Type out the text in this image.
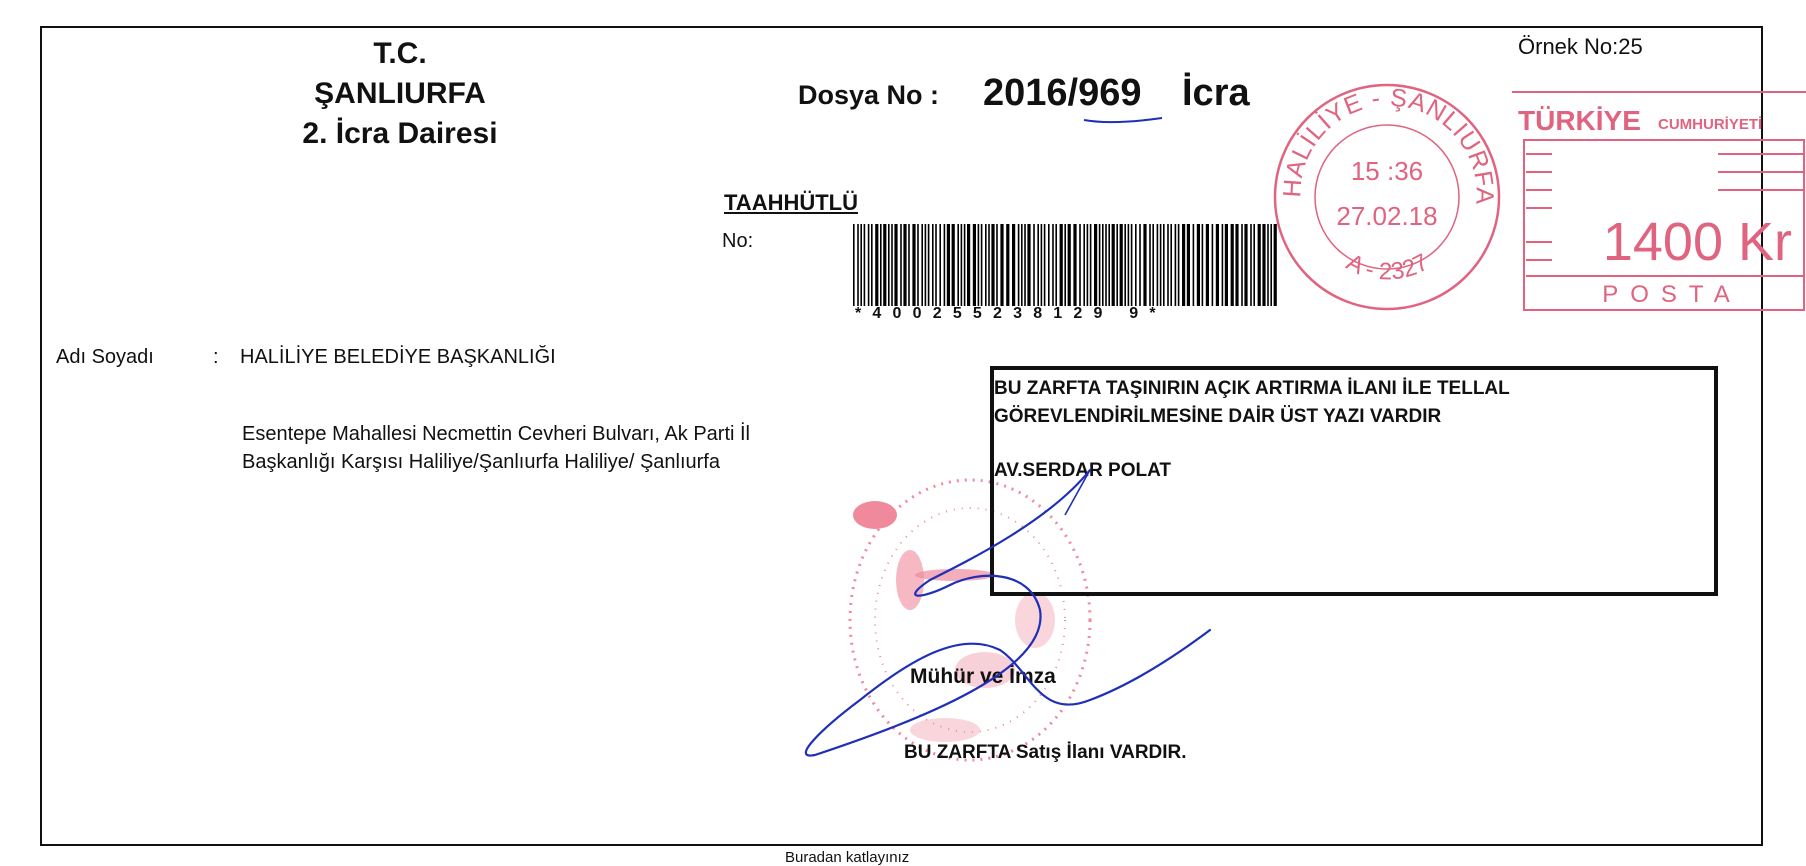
T.C.
ŞANLIURFA
2. İcra Dairesi
Dosya No : 2016/969 İcra
Örnek No:25
TAAHHÜTLÜ
No:
*400255238129 9*
HALİLİYE - ŞANLIURFA
A - 2327
15 :36
27.02.18
TÜRKİYE CUMHURİYETİ
1400 Kr
POSTA
Adı Soyadı	: HALİLİYE BELEDİYE BAŞKANLIĞI
Esentepe Mahallesi Necmettin Cevheri Bulvarı, Ak Parti İl
Başkanlığı Karşısı Haliliye/Şanlıurfa Haliliye/ Şanlıurfa
BU ZARFTA TAŞINIRIN AÇIK ARTIRMA İLANI İLE TELLAL
GÖREVLENDİRİLMESİNE DAİR ÜST YAZI VARDIR
AV.SERDAR POLAT
Mühür ve İmza
BU ZARFTA Satış İlanı VARDIR.
Buradan katlayınız
